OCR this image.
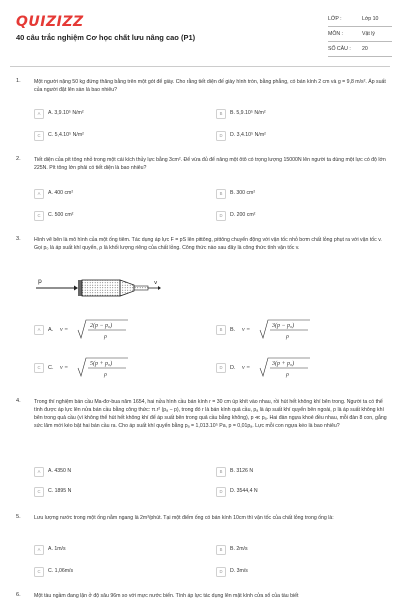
QUIZIZZ
40 câu trắc nghiệm Cơ học chất lưu nâng cao (P1)
LỚP :	Lớp 10
MÔN :	Vật lý
SỐ CÂU : 20
1.	Một người nặng 50 kg đứng thăng bằng trên một gót để giày. Cho rằng tiết diện đế giày hình tròn, bằng phẳng, có bán kính 2 cm và g = 9,8 m/s². Áp suất của người đặt lên sàn là bao nhiêu?
A	A. 3,9.10⁵ N/m²	B	B. 5,9.10⁵ N/m²
C	C. 5,4.10⁵ N/m²	D	D. 3,4.10⁵ N/m²
2.	Tiết diện của pít tông nhỏ trong một cái kích thủy lực bằng 3cm². Để vừa đủ để nâng một ôtô có trọng lượng 15000N lên người ta dùng một lực có độ lớn 225N. Pít tông lớn phải có tiết diện là bao nhiêu?
A	A. 400 cm²	B	B. 300 cm²
C	C. 500 cm²	D	D. 200 cm²
3.	Hình vẽ bên là mô hình của một ống tiêm. Tác dụng áp lực F = pS lên pittông, pittông chuyển động với vận tốc nhỏ bơm chất lỏng phụt ra với vận tốc v. Gọi p₀ là áp suất khí quyển, ρ là khối lượng riêng của chất lỏng. Công thức nào sau đây là công thức tính vận tốc v.
p	v
A	A. v =
2(p − p₀)
ρ
B	B. v =
3(p − p₀)
ρ
C	C. v =
5(p + p₀)
ρ
D	D. v =
3(p + p₀)
ρ
4.	Trong thí nghiệm bán cầu Ma-đơ-bua năm 1654, hai nửa hình cầu bán kính r = 30 cm úp khít vào nhau, rồi hút hết không khí bên trong. Người ta có thể tính được áp lực lên nửa bán cầu bằng công thức: π.r² (pₐ − p), trong đó r là bán kính quả cầu, pₐ là áp suất khí quyển bên ngoài, p là áp suất không khí bên trong quả cầu (vì không thể hút hết không khí để áp suất bên trong quả cầu bằng không), p ≪ pₐ. Hai đàn ngựa khoẻ đều nhau, mỗi đàn 8 con, gắng sức lâm mới kéo bật hai bán cầu ra. Cho áp suất khí quyển bằng pₐ = 1,013.10⁵ Pa, p = 0,01pₐ. Lực mỗi con ngựa kéo là bao nhiêu?
A	A. 4350 N	B	B. 3126 N
C	C. 1895 N	D	D. 3544,4 N
5.	Lưu lượng nước trong một ống nằm ngang là 2m³/phút. Tại một điểm ống có bán kính 10cm thì vận tốc của chất lỏng trong ống là:
A	A. 1m/s	B	B. 2m/s
C	C. 1,06m/s	D	D. 3m/s
6.	Một tàu ngầm đang lặn ở độ sâu 96m so với mực nước biển. Tính áp lực tác dụng lên mặt kính cửa sổ của tàu biết
